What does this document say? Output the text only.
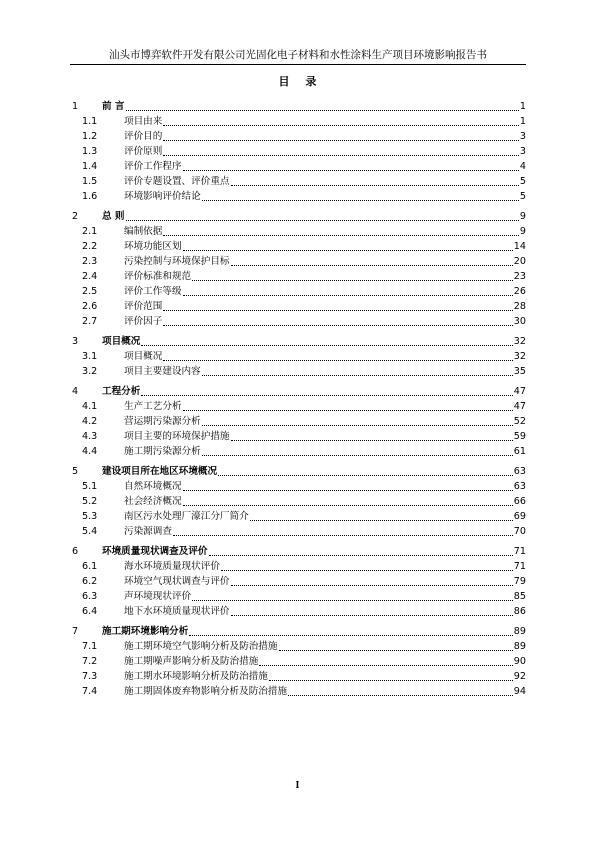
汕头市博弈软件开发有限公司光固化电子材料和水性涂料生产项目环境影响报告书
目录
1	前 言	1
1.1	项目由来	1
1.2	评价目的	3
1.3	评价原则	3
1.4	评价工作程序	4
1.5	评价专题设置、评价重点	5
1.6	环境影响评价结论	5
2	总 则	9
2.1	编制依据	9
2.2	环境功能区划	14
2.3	污染控制与环境保护目标	20
2.4	评价标准和规范	23
2.5	评价工作等级	26
2.6	评价范围	28
2.7	评价因子	30
3	项目概况	32
3.1	项目概况	32
3.2	项目主要建设内容	35
4	工程分析	47
4.1	生产工艺分析	47
4.2	营运期污染源分析	52
4.3	项目主要的环境保护措施	59
4.4	施工期污染源分析	61
5	建设项目所在地区环境概况	63
5.1	自然环境概况	63
5.2	社会经济概况	66
5.3	南区污水处理厂濠江分厂简介	69
5.4	污染源调查	70
6	环境质量现状调查及评价	71
6.1	海水环境质量现状评价	71
6.2	环境空气现状调查与评价	79
6.3	声环境现状评价	85
6.4	地下水环境质量现状评价	86
7	施工期环境影响分析	89
7.1	施工期环境空气影响分析及防治措施	89
7.2	施工期噪声影响分析及防治措施	90
7.3	施工期水环境影响分析及防治措施	92
7.4	施工期固体废弃物影响分析及防治措施	94
I
